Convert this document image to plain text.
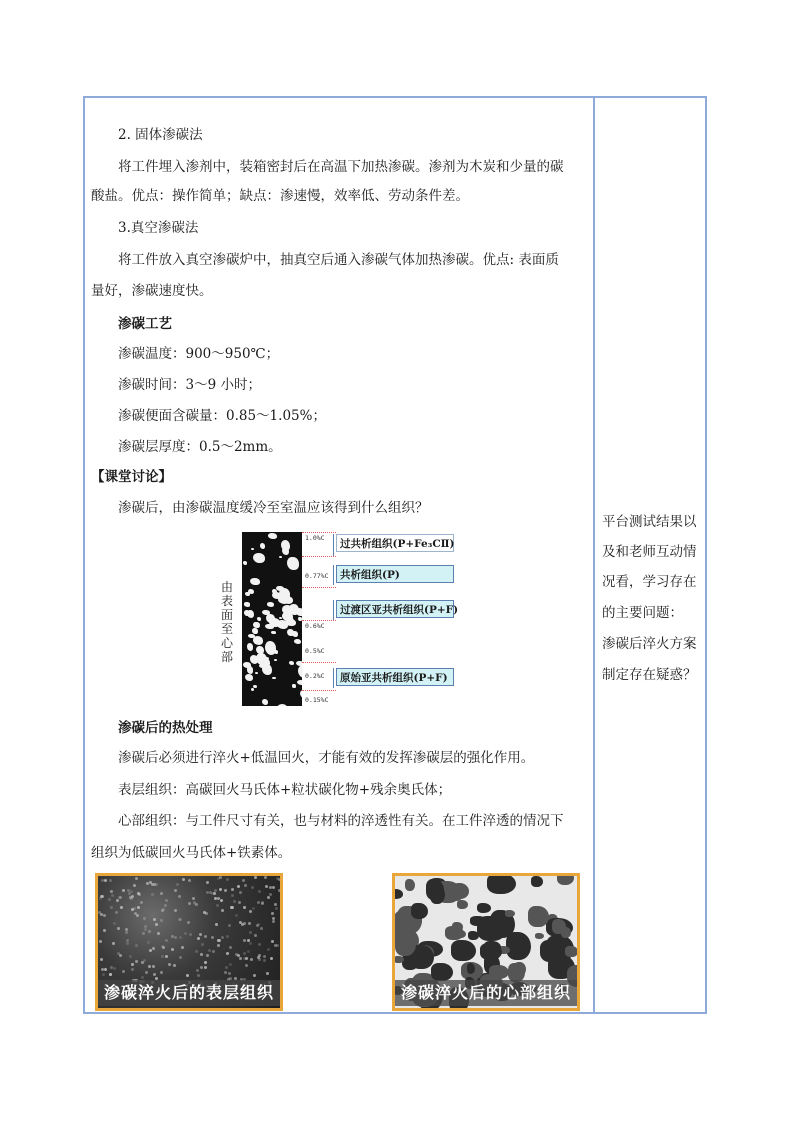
2. 固体渗碳法
将工件埋入渗剂中，装箱密封后在高温下加热渗碳。渗剂为木炭和少量的碳
酸盐。优点：操作简单；缺点：渗速慢，效率低、劳动条件差。
3.真空渗碳法
将工件放入真空渗碳炉中，抽真空后通入渗碳气体加热渗碳。优点: 表面质
量好，渗碳速度快。
渗碳工艺
渗碳温度：900～950℃；
渗碳时间：3～9 小时；
渗碳便面含碳量：0.85～1.05%；
渗碳层厚度：0.5～2mm。
【课堂讨论】
渗碳后，由渗碳温度缓冷至室温应该得到什么组织？
由
表
面
至
心
部
1.0%C
0.77%C
0.6%C
0.5%C
0.2%C
0.15%C
过共析组织(P+Fe₃CⅡ)
共析组织(P)
过渡区亚共析组织(P+F)
原始亚共析组织(P+F)
渗碳后的热处理
渗碳后必须进行淬火+低温回火，才能有效的发挥渗碳层的强化作用。
表层组织：高碳回火马氏体+粒状碳化物+残余奥氏体；
心部组织：与工件尺寸有关，也与材料的淬透性有关。在工件淬透的情况下
组织为低碳回火马氏体+铁素体。
渗碳淬火后的表层组织	渗碳淬火后的心部组织
平台测试结果以
及和老师互动情
况看，学习存在
的主要问题：
渗碳后淬火方案
制定存在疑惑？
